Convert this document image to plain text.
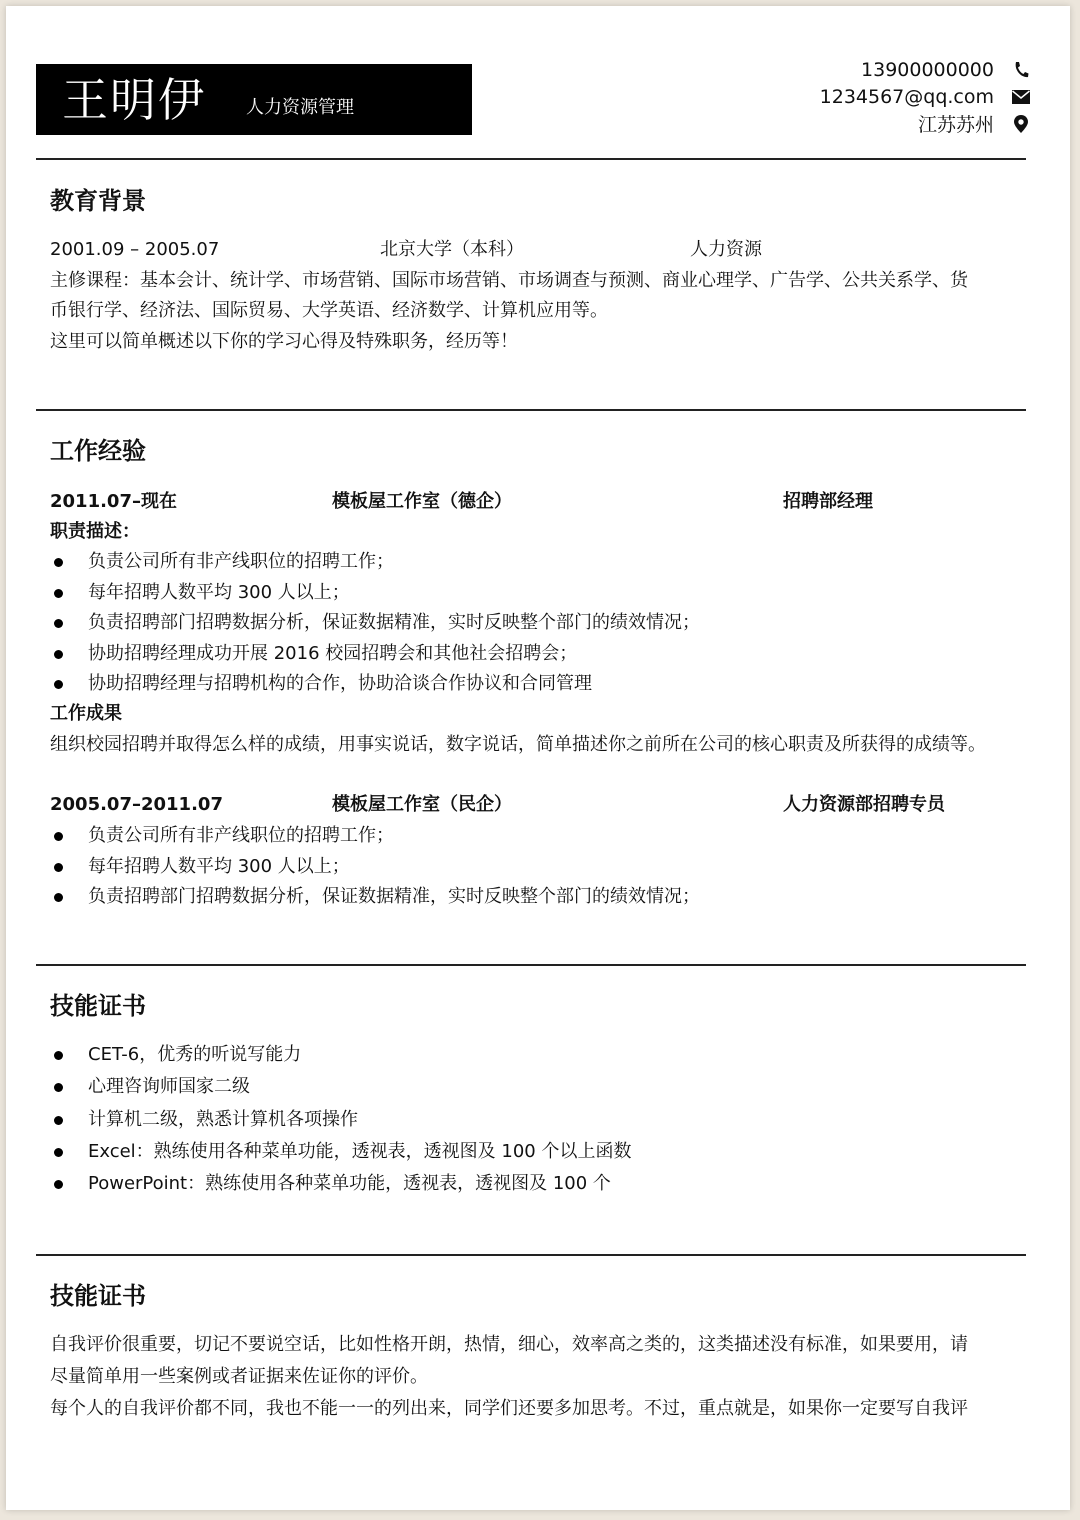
王明伊 人力资源管理
13900000000
1234567@qq.com
江苏苏州
教育背景
2001.09 – 2005.07	北京大学（本科）	人力资源
主修课程：基本会计、统计学、市场营销、国际市场营销、市场调查与预测、商业心理学、广告学、公共关系学、货
币银行学、经济法、国际贸易、大学英语、经济数学、计算机应用等。
这里可以简单概述以下你的学习心得及特殊职务，经历等！
工作经验
2011.07–现在	模板屋工作室（德企）	招聘部经理
职责描述：
负责公司所有非产线职位的招聘工作；
每年招聘人数平均 300 人以上；
负责招聘部门招聘数据分析，保证数据精准，实时反映整个部门的绩效情况；
协助招聘经理成功开展 2016 校园招聘会和其他社会招聘会；
协助招聘经理与招聘机构的合作，协助洽谈合作协议和合同管理
工作成果
组织校园招聘并取得怎么样的成绩，用事实说话，数字说话，简单描述你之前所在公司的核心职责及所获得的成绩等。
2005.07–2011.07	模板屋工作室（民企）	人力资源部招聘专员
负责公司所有非产线职位的招聘工作；
每年招聘人数平均 300 人以上；
负责招聘部门招聘数据分析，保证数据精准，实时反映整个部门的绩效情况；
技能证书
CET-6，优秀的听说写能力
心理咨询师国家二级
计算机二级，熟悉计算机各项操作
Excel：熟练使用各种菜单功能，透视表，透视图及 100 个以上函数
PowerPoint：熟练使用各种菜单功能，透视表，透视图及 100 个
技能证书
自我评价很重要，切记不要说空话，比如性格开朗，热情，细心，效率高之类的，这类描述没有标准，如果要用，请
尽量简单用一些案例或者证据来佐证你的评价。
每个人的自我评价都不同，我也不能一一的列出来，同学们还要多加思考。不过，重点就是，如果你一定要写自我评
